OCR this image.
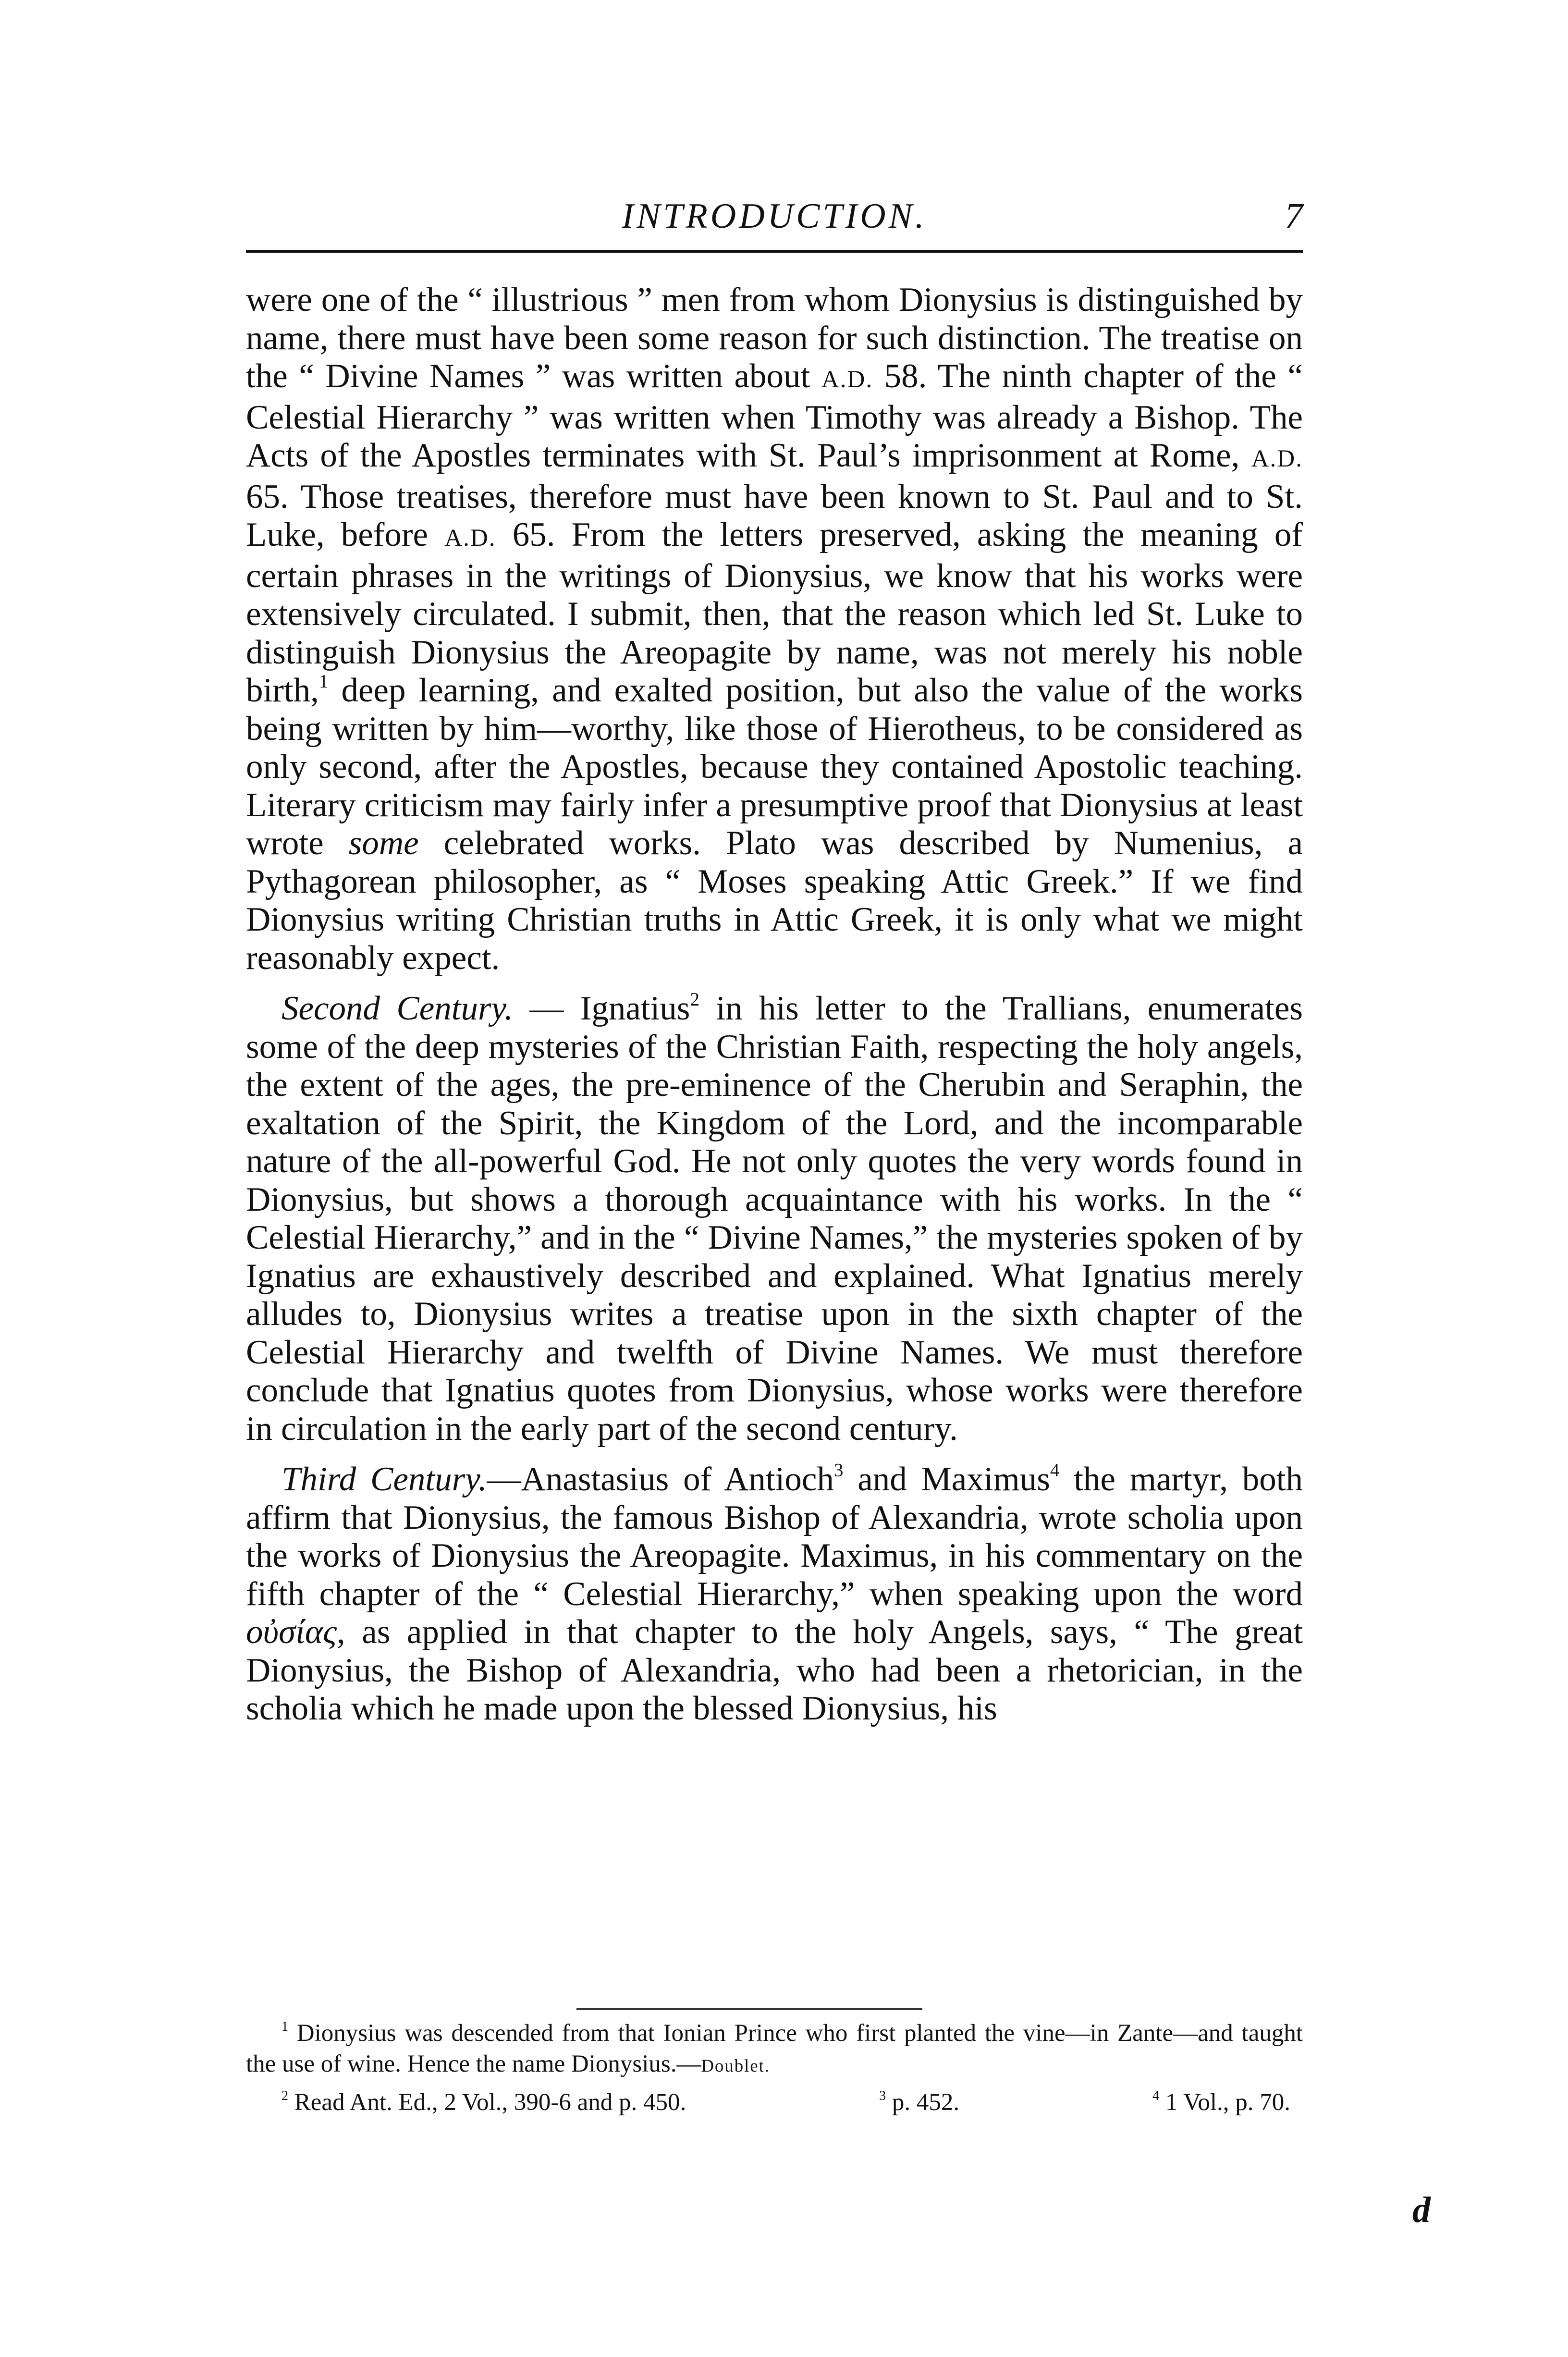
INTRODUCTION.	7

were one of the “ illustrious ” men from whom Dionysius is distinguished by name, there must have been some reason for such distinction. The treatise on the “ Divine Names ” was written about A.D. 58. The ninth chapter of the “ Celestial Hierarchy ” was written when Timothy was already a Bishop. The Acts of the Apostles terminates with St. Paul’s imprisonment at Rome, A.D. 65. Those treatises, therefore must have been known to St. Paul and to St. Luke, before A.D. 65. From the letters preserved, asking the meaning of certain phrases in the writings of Dionysius, we know that his works were extensively circulated. I submit, then, that the reason which led St. Luke to distinguish Dionysius the Areopagite by name, was not merely his noble birth,$^1$ deep learning, and exalted position, but also the value of the works being written by him—worthy, like those of Hierotheus, to be considered as only second, after the Apostles, because they contained Apostolic teaching. Literary criticism may fairly infer a presumptive proof that Dionysius at least wrote some celebrated works. Plato was described by Numenius, a Pythagorean philosopher, as “ Moses speaking Attic Greek.” If we find Dionysius writing Christian truths in Attic Greek, it is only what we might reasonably expect.

Second Century. — Ignatius$^2$ in his letter to the Trallians, enumerates some of the deep mysteries of the Christian Faith, respecting the holy angels, the extent of the ages, the pre-eminence of the Cherubin and Seraphin, the exaltation of the Spirit, the Kingdom of the Lord, and the incomparable nature of the all-powerful God. He not only quotes the very words found in Dionysius, but shows a thorough acquaintance with his works. In the “ Celestial Hierarchy,” and in the “ Divine Names,” the mysteries spoken of by Ignatius are exhaustively described and explained. What Ignatius merely alludes to, Dionysius writes a treatise upon in the sixth chapter of the Celestial Hierarchy and twelfth of Divine Names. We must therefore conclude that Ignatius quotes from Dionysius, whose works were therefore in circulation in the early part of the second century.

Third Century.—Anastasius of Antioch$^3$ and Maximus$^4$ the martyr, both affirm that Dionysius, the famous Bishop of Alexandria, wrote scholia upon the works of Dionysius the Areopagite. Maximus, in his commentary on the fifth chapter of the “ Celestial Hierarchy,” when speaking upon the word οὐσίας, as applied in that chapter to the holy Angels, says, “ The great Dionysius, the Bishop of Alexandria, who had been a rhetorician, in the scholia which he made upon the blessed Dionysius, his

$^1$ Dionysius was descended from that Ionian Prince who first planted the vine—in Zante—and taught the use of wine. Hence the name Dionysius.—Doublet.

$^2$ Read Ant. Ed., 2 Vol., 390-6 and p. 450.	$^3$ p. 452.	$^4$ 1 Vol., p. 70.
d
